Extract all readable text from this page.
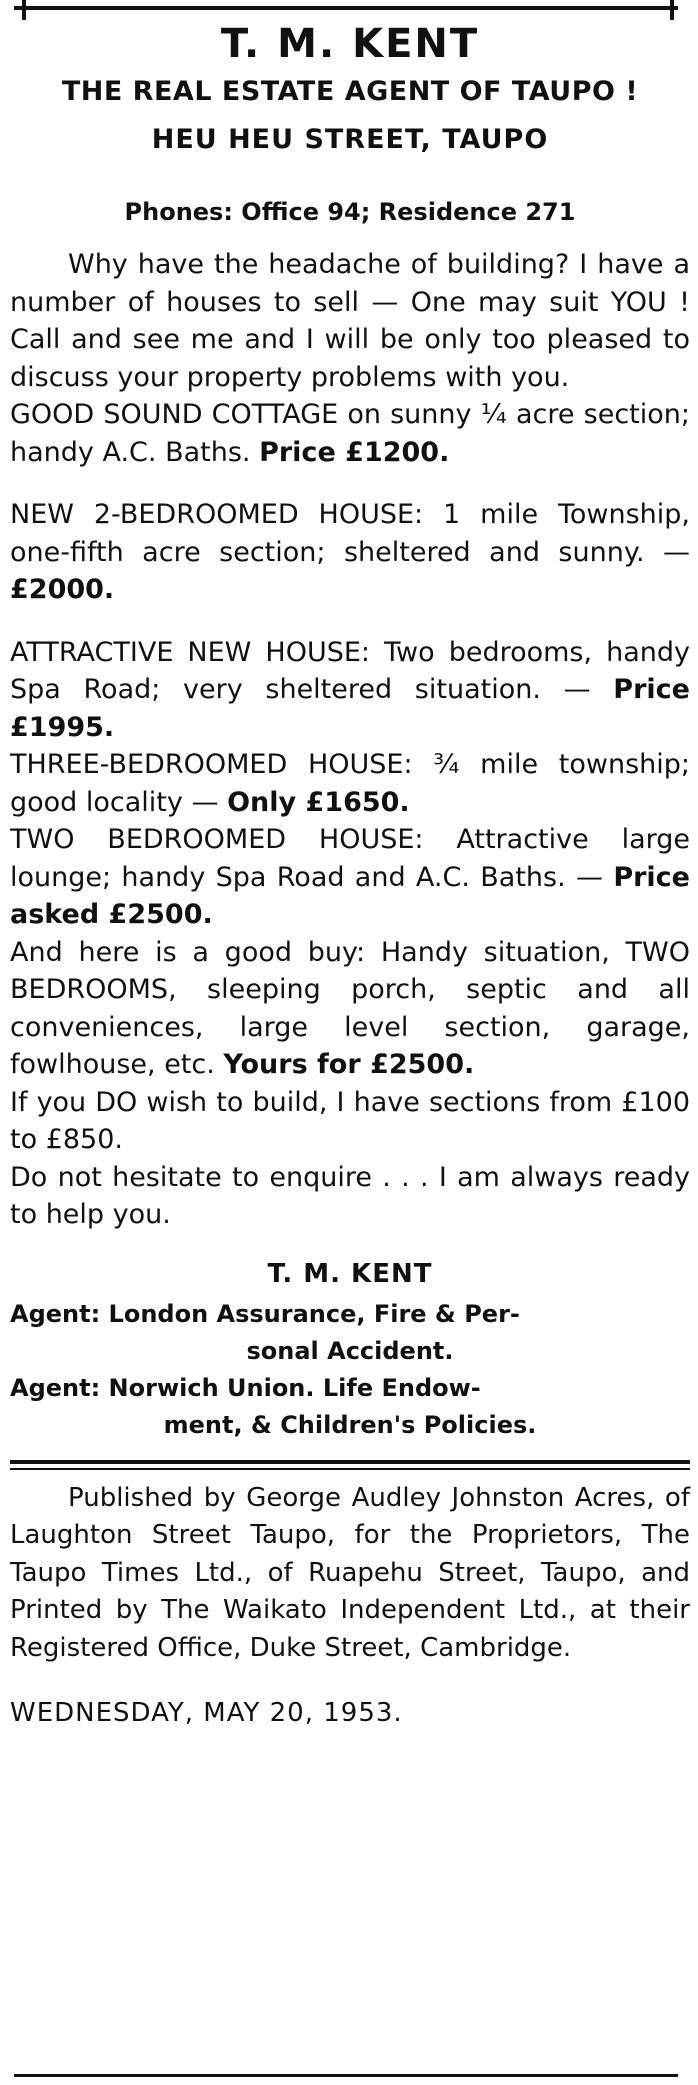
T. M. KENT
THE REAL ESTATE AGENT OF TAUPO !
HEU HEU STREET, TAUPO
Phones: Office 94; Residence 271

Why have the headache of building? I have a number of houses to sell — One may suit YOU ! Call and see me and I will be only too pleased to discuss your property problems with you.

GOOD SOUND COTTAGE on sunny ¼ acre section; handy A.C. Baths. Price £1200.

NEW 2-BEDROOMED HOUSE: 1 mile Township, one-fifth acre section; sheltered and sunny. — £2000.

ATTRACTIVE NEW HOUSE: Two bedrooms, handy Spa Road; very sheltered situation. — Price £1995.

THREE-BEDROOMED HOUSE: ¾ mile township; good locality — Only £1650.

TWO BEDROOMED HOUSE: Attractive large lounge; handy Spa Road and A.C. Baths. — Price asked £2500.

And here is a good buy: Handy situation, TWO BEDROOMS, sleeping porch, septic and all conveniences, large level section, garage, fowlhouse, etc. Yours for £2500.

If you DO wish to build, I have sections from £100 to £850.

Do not hesitate to enquire . . . I am always ready to help you.

T. M. KENT
Agent: London Assurance, Fire & Per-
sonal Accident.
Agent: Norwich Union. Life Endow-
ment, & Children's Policies.

Published by George Audley Johnston Acres, of Laughton Street Taupo, for the Proprietors, The Taupo Times Ltd., of Ruapehu Street, Taupo, and Printed by The Waikato Independent Ltd., at their Registered Office, Duke Street, Cambridge.

WEDNESDAY, MAY 20, 1953.
